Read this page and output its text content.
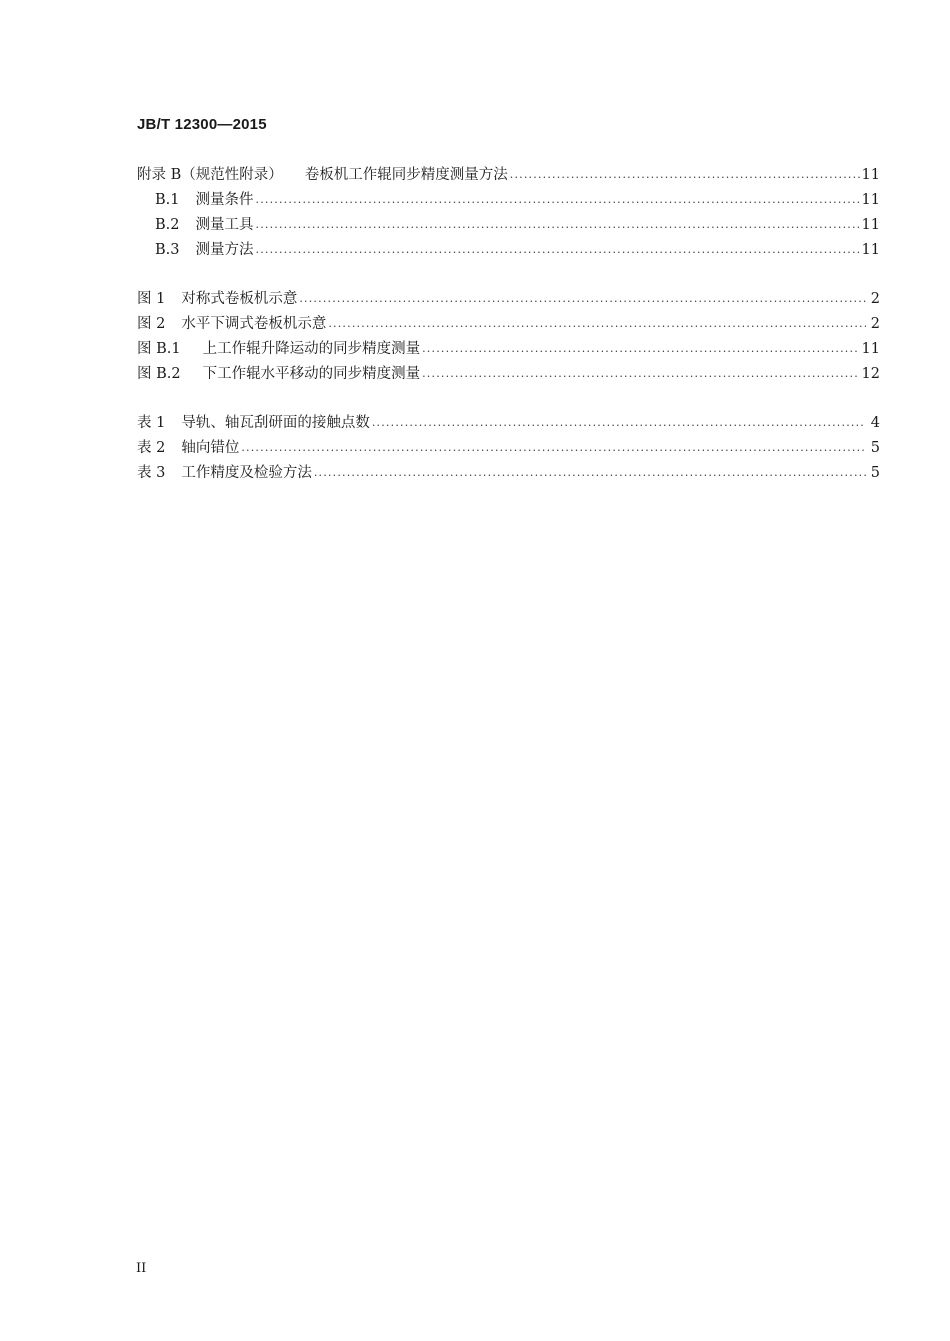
JB/T 12300—2015
附录 B（规范性附录） 卷板机工作辊同步精度测量方法 .....	11
B.1 测量条件 .....	11
B.2 测量工具 .....	11
B.3 测量方法 .....	11
图 1 对称式卷板机示意 .....	2
图 2 水平下调式卷板机示意 .....	2
图 B.1 上工作辊升降运动的同步精度测量 .....	11
图 B.2 下工作辊水平移动的同步精度测量 .....	12
表 1 导轨、轴瓦刮研面的接触点数 .....	4
表 2 轴向错位 .....	5
表 3 工作精度及检验方法 .....	5
II
